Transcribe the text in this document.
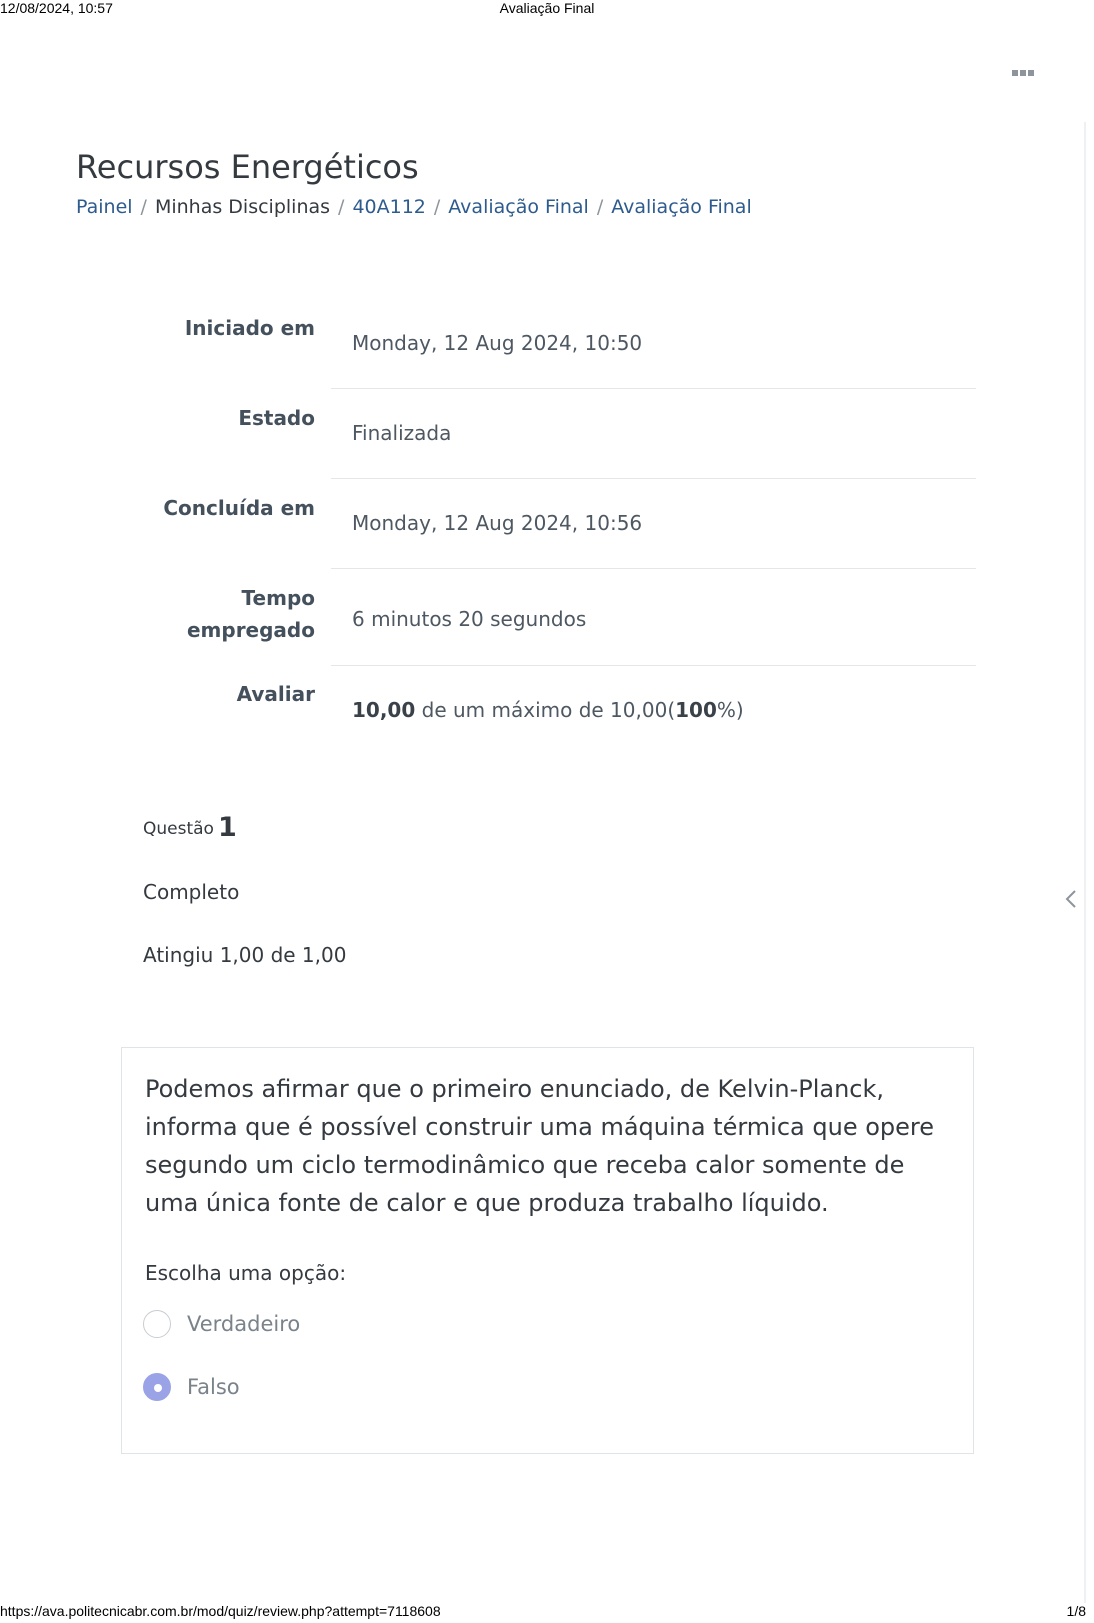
12/08/2024, 10:57	Avaliação Final
Recursos Energéticos
Painel / Minhas Disciplinas / 40A112 / Avaliação Final / Avaliação Final
Iniciado em
Monday, 12 Aug 2024, 10:50
Estado
Finalizada
Concluída em
Monday, 12 Aug 2024, 10:56
Tempo
empregado 6 minutos 20 segundos
Avaliar
10,00 de um máximo de 10,00(100%)
Questão 1
Completo
Atingiu 1,00 de 1,00

Podemos afirmar que o primeiro enunciado, de Kelvin-Planck, informa que é possível construir uma máquina térmica que opere segundo um ciclo termodinâmico que receba calor somente de uma única fonte de calor e que produza trabalho líquido.

Escolha uma opção:
Verdadeiro
Falso
https://ava.politecnicabr.com.br/mod/quiz/review.php?attempt=7118608	1/8
